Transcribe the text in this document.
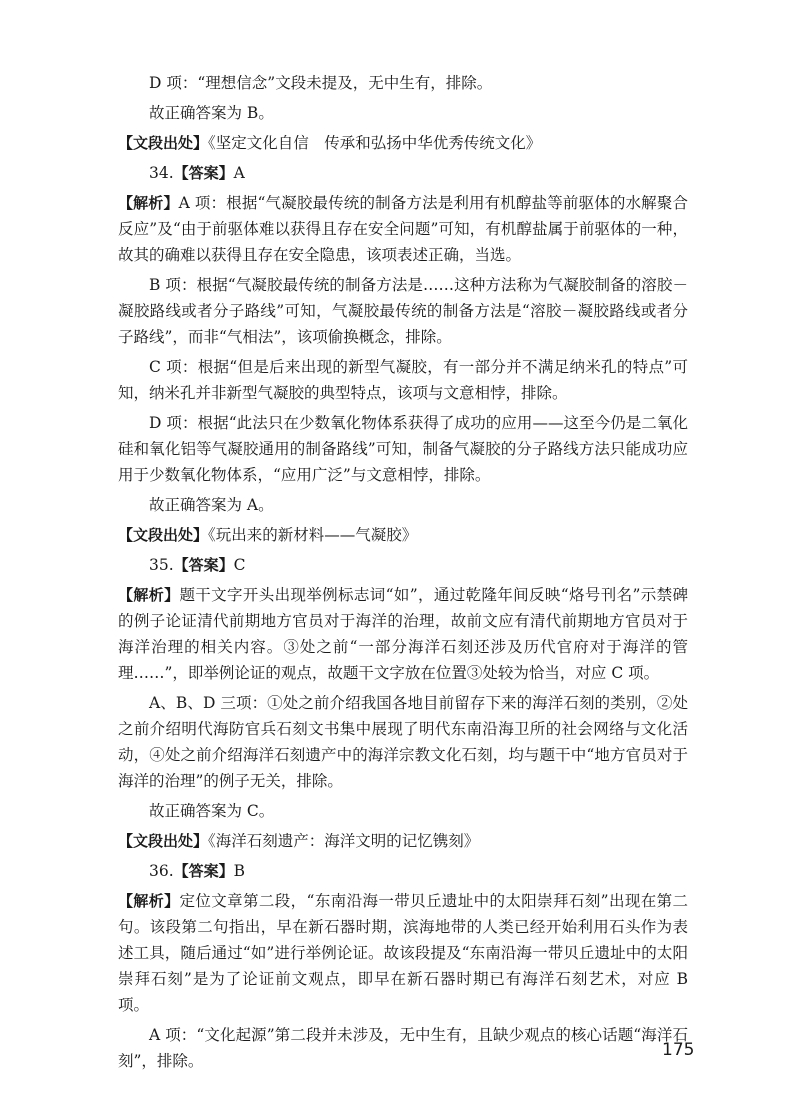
D 项：“理想信念”文段未提及，无中生有，排除。

故正确答案为 B。

【文段出处】《坚定文化自信　传承和弘扬中华优秀传统文化》

34.【答案】A

【解析】A 项：根据“气凝胶最传统的制备方法是利用有机醇盐等前驱体的水解聚合反应”及“由于前驱体难以获得且存在安全问题”可知，有机醇盐属于前驱体的一种，故其的确难以获得且存在安全隐患，该项表述正确，当选。

B 项：根据“气凝胶最传统的制备方法是……这种方法称为气凝胶制备的溶胶－凝胶路线或者分子路线”可知，气凝胶最传统的制备方法是“溶胶－凝胶路线或者分子路线”，而非“气相法”，该项偷换概念，排除。

C 项：根据“但是后来出现的新型气凝胶，有一部分并不满足纳米孔的特点”可知，纳米孔并非新型气凝胶的典型特点，该项与文意相悖，排除。

D 项：根据“此法只在少数氧化物体系获得了成功的应用——这至今仍是二氧化硅和氧化铝等气凝胶通用的制备路线”可知，制备气凝胶的分子路线方法只能成功应用于少数氧化物体系，“应用广泛”与文意相悖，排除。

故正确答案为 A。

【文段出处】《玩出来的新材料——气凝胶》

35.【答案】C

【解析】题干文字开头出现举例标志词“如”，通过乾隆年间反映“烙号刊名”示禁碑的例子论证清代前期地方官员对于海洋的治理，故前文应有清代前期地方官员对于海洋治理的相关内容。③处之前“一部分海洋石刻还涉及历代官府对于海洋的管理……”，即举例论证的观点，故题干文字放在位置③处较为恰当，对应 C 项。

A、B、D 三项：①处之前介绍我国各地目前留存下来的海洋石刻的类别，②处之前介绍明代海防官兵石刻文书集中展现了明代东南沿海卫所的社会网络与文化活动，④处之前介绍海洋石刻遗产中的海洋宗教文化石刻，均与题干中“地方官员对于海洋的治理”的例子无关，排除。

故正确答案为 C。

【文段出处】《海洋石刻遗产：海洋文明的记忆镌刻》

36.【答案】B

【解析】定位文章第二段，“东南沿海一带贝丘遗址中的太阳崇拜石刻”出现在第二句。该段第二句指出，早在新石器时期，滨海地带的人类已经开始利用石头作为表述工具，随后通过“如”进行举例论证。故该段提及“东南沿海一带贝丘遗址中的太阳崇拜石刻”是为了论证前文观点，即早在新石器时期已有海洋石刻艺术，对应 B 项。

A 项：“文化起源”第二段并未涉及，无中生有，且缺少观点的核心话题“海洋石刻”，排除。

175
